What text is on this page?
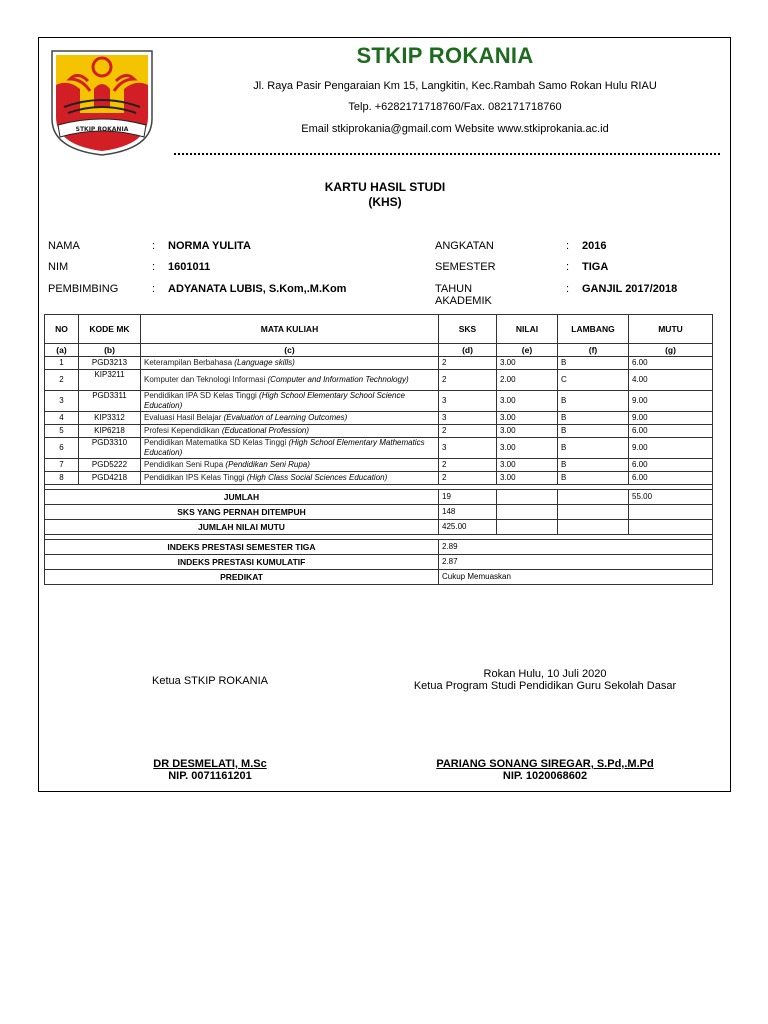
STKIP ROKANIA
STKIP ROKANIA
Jl. Raya Pasir Pengaraian Km 15, Langkitin, Kec.Rambah Samo Rokan Hulu RIAU
Telp. +6282171718760/Fax. 082171718760
Email stkiprokania@gmail.com Website www.stkiprokania.ac.id
KARTU HASIL STUDI
(KHS)
NAMA	: NORMA YULITA
NIM	: 1601011
PEMBIMBING	: ADYANATA LUBIS, S.Kom,.M.Kom
ANGKATAN	: 2016
SEMESTER	: TIGA
TAHUN AKADEMIK
: GANJIL 2017/2018
NO	KODE MK	MATA KULIAH	SKS	NILAI	LAMBANG	MUTU
(a)	(b)	(c)	(d)	(e)	(f)	(g)
1	PGD3213	Keterampilan Berbahasa (Language skills)	2	3.00	B	6.00
2	KIP3211	Komputer dan Teknologi Informasi (Computer and Information Technology)	2	2.00	C	4.00
3	PGD3311	Pendidikan IPA SD Kelas Tinggi (High School Elementary School Science Education)	3	3.00	B	9.00
4	KIP3312	Evaluasi Hasil Belajar (Evaluation of Learning Outcomes)	3	3.00	B	9.00
5	KIP6218	Profesi Kependidikan (Educational Profession)	2	3.00	B	6.00
6	PGD3310	Pendidikan Matematika SD Kelas Tinggi (High School Elementary Mathematics Education)	3	3.00	B	9.00
7	PGD5222	Pendidikan Seni Rupa (Pendidikan Seni Rupa)	2	3.00	B	6.00
8	PGD4218	Pendidikan IPS Kelas Tinggi (High Class Social Sciences Education)	2	3.00	B	6.00

JUMLAH			19			55.00
SKS YANG PERNAH DITEMPUH			148			
JUMLAH NILAI MUTU			425.00			

INDEKS PRESTASI SEMESTER TIGA			2.89			
INDEKS PRESTASI KUMULATIF			2.87			
PREDIKAT			Cukup Memuaskan			
Ketua STKIP ROKANIA
Rokan Hulu, 10 Juli 2020
Ketua Program Studi Pendidikan Guru Sekolah Dasar
DR DESMELATI, M.Sc
NIP. 0071161201
PARIANG SONANG SIREGAR, S.Pd,.M.Pd
NIP. 1020068602
